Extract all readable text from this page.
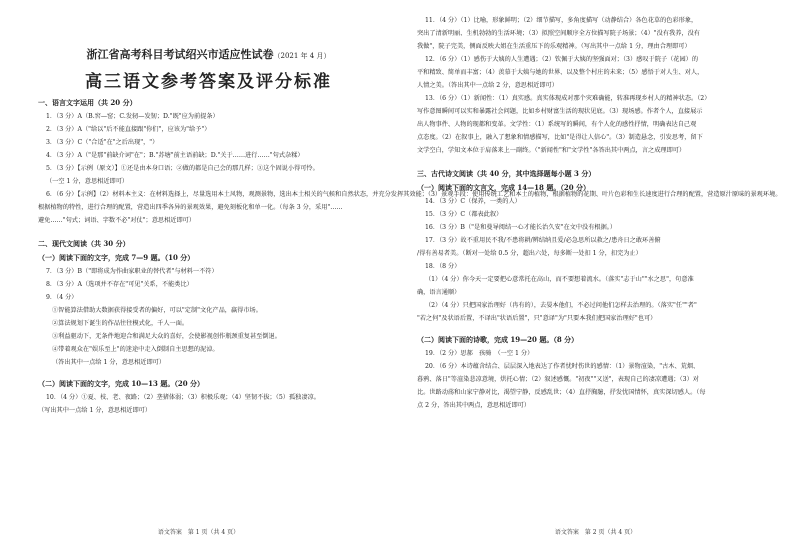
浙江省高考科目考试绍兴市适应性试卷（2021 年 4 月）
高三语文参考答案及评分标准
一、语言文字运用（共 20 分）
1．（3 分）A（B.窖—窑；C.发轫—发韧；D."既"应为前提条）
2．（3 分）A（"给以"后不能直接跟"你们"，应该为"给予"）
3．（3 分）C（"合适"在"之后出现"，"）
4．（3 分）A（"是那"前缺介词"在"；B."苏塘"前主语前缺；D."关于……进行……"句式杂糅）
5．（3 分）【示例（原文）】①还是由本身口语；②做的都是自己会的那几样；③这个固说小得可怜。
（一空 1 分，意思相近即可）
6．（6 分）【示例】（2）材料本主义：在材料选择上，尽量选用本土风物，观测景物，选出本土相关的气候和自然状态，并充分发挥其效能；（3）景观手段：使用传统工艺和本土的植物，根据植物的花期、叶片色彩和生长速度进行合理的配置，营造原汁原味的景观环境。
根据植物的特性，进行合理的配置，营造出四季各异的景观效果，避免刻板化和单一化。（每条 3 分，采用"……
避免……"句式；词语、字数不必"对仗"；意思相近即可）
二、现代文阅读（共 30 分）
（一）阅读下面的文字，完成 7—9 题。（10 分）
7．（3 分）B（"即将成为作曲家职业的替代者"与材料一不符）
8．（3 分）A（选项并不存在"可见"关系，不能类比）
9．（4 分）
①智能算法借助大数据获得接受者的偏好，可以"定制"文化产品，赢得市场。
②算法规划下诞生的作品往往模式化，千人一面。
③利益驱动下，无条件地迎合和满足大众的喜好，会使影视创作瓶颈重复甚至倒退。
④带着观众在"娱乐至上"的迷途中走入倒制自主思想的泥淖。
（答出其中一点给 1 分，意思相近即可）
（二）阅读下面的文字，完成 10—13 题。（20 分）
10．（4 分）①夏、枝、老、夜路；（2）垄猪体弱；（3）积极乐观；（4）坚韧不拔；（5）孤独凄凉。
（写出其中一点给 1 分，意思相近即可）
语文答案　第 1 页（共 4 页）
11．（4 分）（1）比喻，形象鲜明；（2）细节描写，多角度描写（动静结合）各色花草的色彩形象，
突出了清新明丽、生机勃勃的生活环境；（3）拟照空间顺序全方位描写院子场景；（4）"没有我养，没有
我做"，院子完美，侧面反映大姐在生活重压下的乐观精神。（写出其中一点给 1 分，理由合理即可）
12．（6 分）（1）感伤于大姨的人生遭遇；（2）钦佩于大姨的坚强面对；（3）感叹于院子（花园）的
平和精致、简单而丰富；（4）羡慕于大姨与她的世界、以及整个村庄的未来；（5）感悟于对人生、对人，
人情之美。（答出其中一点给 2 分，意思相近即可）
13．（6 分）（1）新闻性：（1）真实感。真实体现成对那个灾难确能，转准再现乡村人的精神状态。（2）
写作意图瞬间可以实和暴露社会问题，比如乡村财富生活的现状见底。（3）现场感。作者个人，直接展示
出人物事件、人物的现都和变革。文学性：（1）系统写的瞬间，有个人化的感性抒情，明确表达自己观
点态度。（2）在叙事上，融入了想象和情感描写，比如"是得让人信心"。（3）制造悬念，引发思考，留下
文学空白，学知文本位于肩落来上一副终。（"新闻性"和"文学性"各答出其中两点，言之成理即可）
三、古代诗文阅读（共 40 分，其中选择题每小题 3 分）
（一）阅读下面的文言文，完成 14—18 题。（20 分）
14．（3 分）C（保养，一类的人）
15．（3 分）C（都表此叙）
16．（3 分）B（"是和曼导阅结一心才能长治久安"在文中没有根据。）
17．（3 分）故不重用民不我/不患将耕/辨结纳且爱/必急思所以救之/患舟日之敢环善俯
/得有善易者美。（断对一处给 0.5 分，超出六处，每多断一处扣 1 分，扣完为止）
18．（8 分）
（1）（4 分）你今天一定要把心意常托在高山，而不要想着流水。（落实"志于山""水之思"，句意准
确，语言通顺）
（2）（4 分）只把国家治理好（冉有的），去晏本他们，不必过问他们怎样去治理的。（落实"任""者"
"若之何"及状语后置，不译出"状语后置"，只"意译"为"只要本我们把国家治理好"也可）
（二）阅读下面的诗歌，完成 19—20 题。（8 分）
19．（2 分）思郝　孩骑　（一空 1 分）
20．（6 分）本诗蕴含结合、层层深入地表达了作者忧时伤世的感情：（1）景物渲染，"古木、荒烟、
暮鸦、落日"等渲染悲凉意境，烘托心情；（2）叙述感慨。"初夜""又送"，表现自己的凄凉遭遇；（3）对
比。世路动荡和山家宁静对比，渴望宁静，反感乱世；（4）直抒胸臆，抒发忧国情怀，真实深切感人。（每
点 2 分，答出其中两点，意思相近即可）
语文答案　第 2 页（共 4 页）
